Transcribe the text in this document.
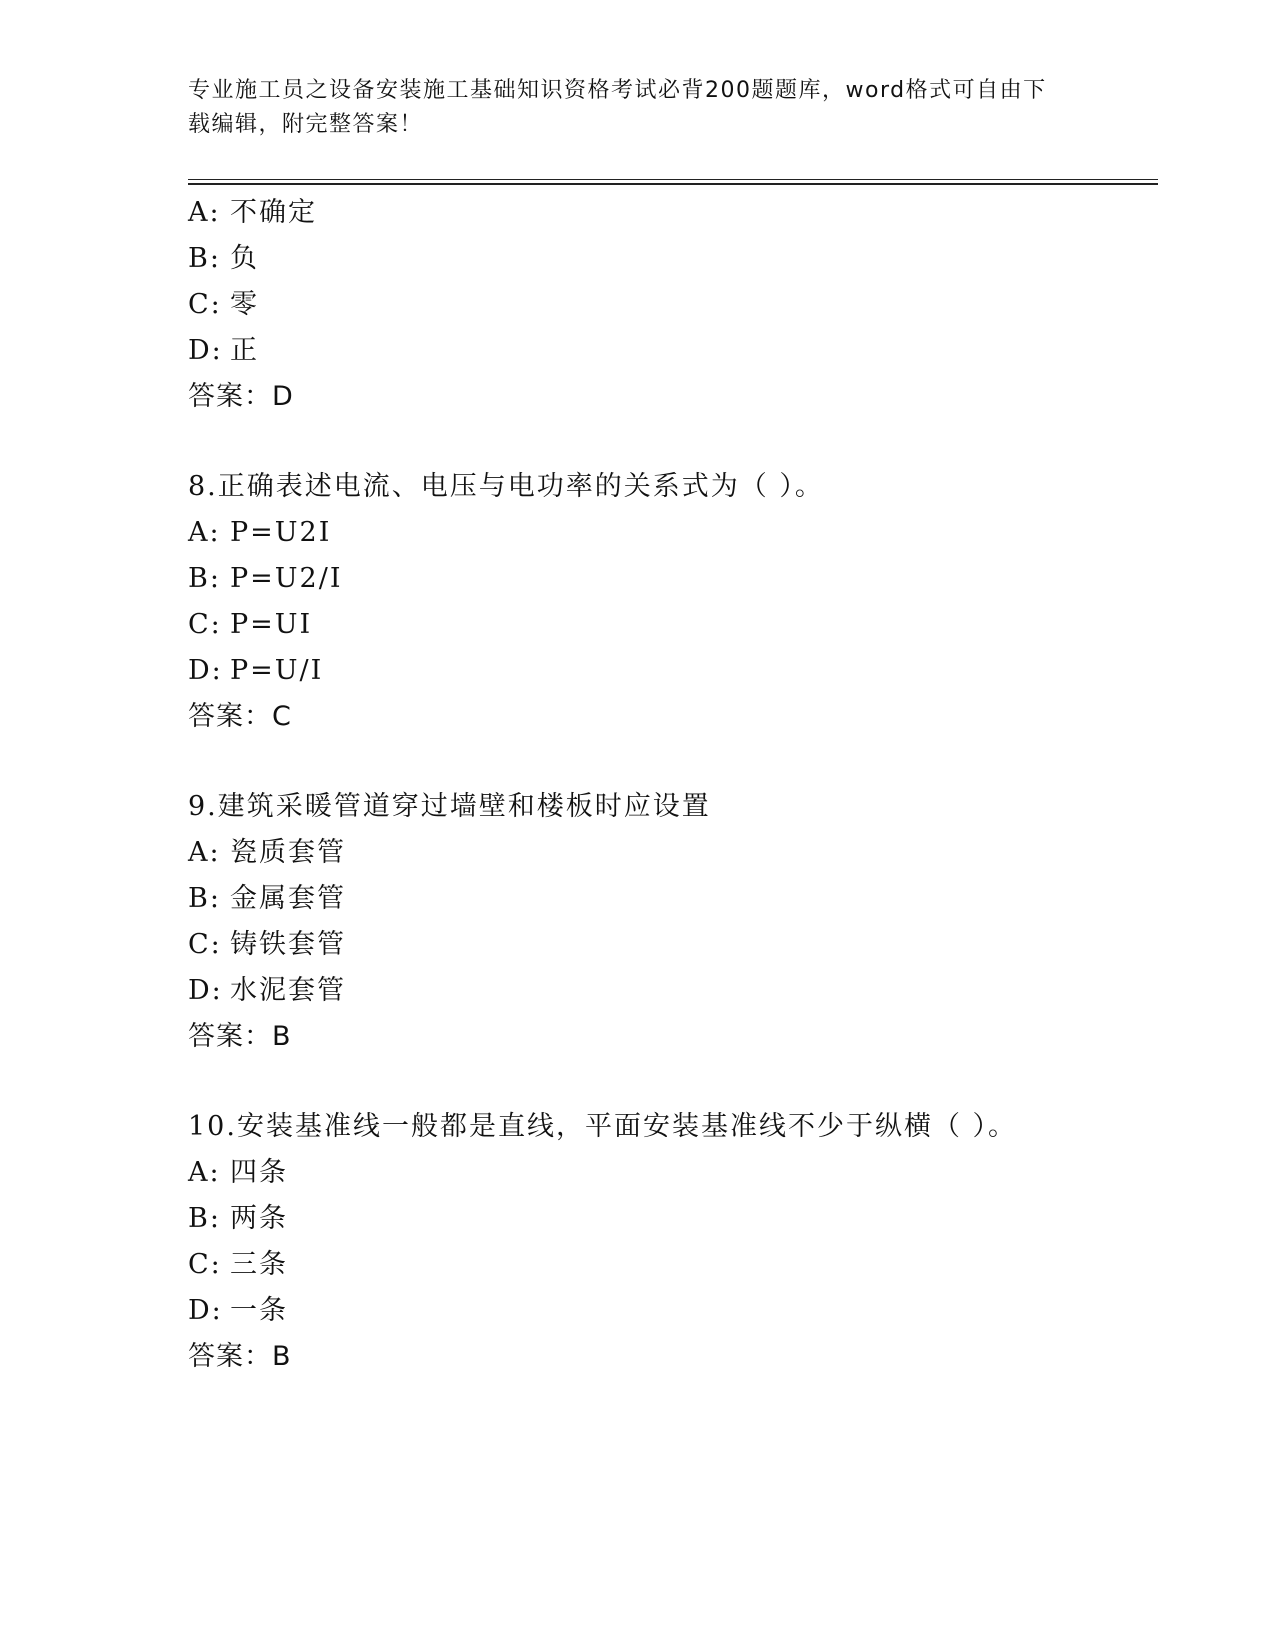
专业施工员之设备安装施工基础知识资格考试必背200题题库，word格式可自由下载编辑，附完整答案！
A: 不确定
B: 负
C: 零
D: 正
答案：D
8.正确表述电流、电压与电功率的关系式为（ ）。
A: P=U2I
B: P=U2/I
C: P=UI
D: P=U/I
答案：C
9.建筑采暖管道穿过墙壁和楼板时应设置
A: 瓷质套管
B: 金属套管
C: 铸铁套管
D: 水泥套管
答案：B
10.安装基准线一般都是直线，平面安装基准线不少于纵横（ ）。
A: 四条
B: 两条
C: 三条
D: 一条
答案：B
